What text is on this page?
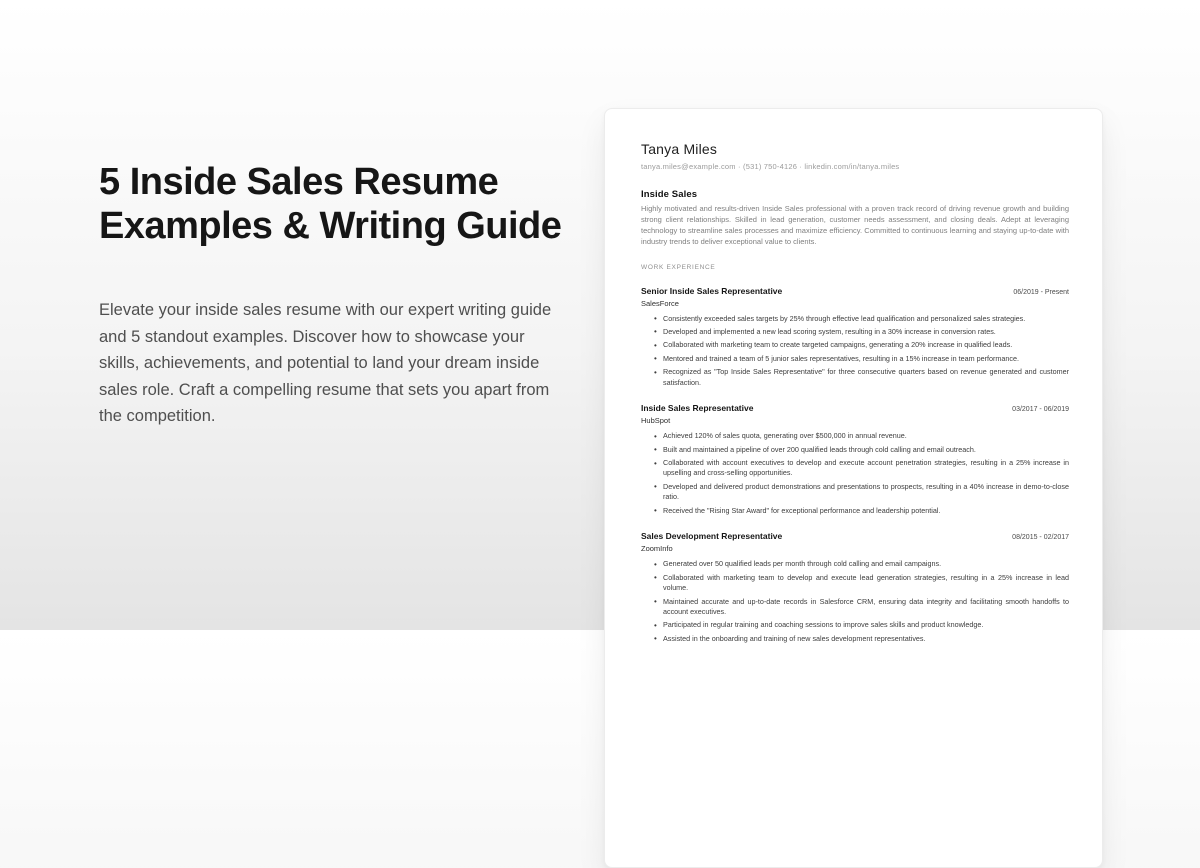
5 Inside Sales Resume Examples & Writing Guide

Elevate your inside sales resume with our expert writing guide and 5 standout examples. Discover how to showcase your skills, achievements, and potential to land your dream inside sales role. Craft a compelling resume that sets you apart from the competition.

Tanya Miles
tanya.miles@example.com · (531) 750-4126 · linkedin.com/in/tanya.miles
Inside Sales
Highly motivated and results-driven Inside Sales professional with a proven track record of driving revenue growth and building strong client relationships. Skilled in lead generation, customer needs assessment, and closing deals. Adept at leveraging technology to streamline sales processes and maximize efficiency. Committed to continuous learning and staying up-to-date with industry trends to deliver exceptional value to clients.
WORK EXPERIENCE
Senior Inside Sales Representative	06/2019 - Present
SalesForce
• Consistently exceeded sales targets by 25% through effective lead qualification and personalized sales strategies.
• Developed and implemented a new lead scoring system, resulting in a 30% increase in conversion rates.
• Collaborated with marketing team to create targeted campaigns, generating a 20% increase in qualified leads.
• Mentored and trained a team of 5 junior sales representatives, resulting in a 15% increase in team performance.
• Recognized as "Top Inside Sales Representative" for three consecutive quarters based on revenue generated and customer satisfaction.
Inside Sales Representative	03/2017 - 06/2019
HubSpot
• Achieved 120% of sales quota, generating over $500,000 in annual revenue.
• Built and maintained a pipeline of over 200 qualified leads through cold calling and email outreach.
• Collaborated with account executives to develop and execute account penetration strategies, resulting in a 25% increase in upselling and cross-selling opportunities.
• Developed and delivered product demonstrations and presentations to prospects, resulting in a 40% increase in demo-to-close ratio.
• Received the "Rising Star Award" for exceptional performance and leadership potential.
Sales Development Representative	08/2015 - 02/2017
ZoomInfo
• Generated over 50 qualified leads per month through cold calling and email campaigns.
• Collaborated with marketing team to develop and execute lead generation strategies, resulting in a 25% increase in lead volume.
• Maintained accurate and up-to-date records in Salesforce CRM, ensuring data integrity and facilitating smooth handoffs to account executives.
• Participated in regular training and coaching sessions to improve sales skills and product knowledge.
• Assisted in the onboarding and training of new sales development representatives.
